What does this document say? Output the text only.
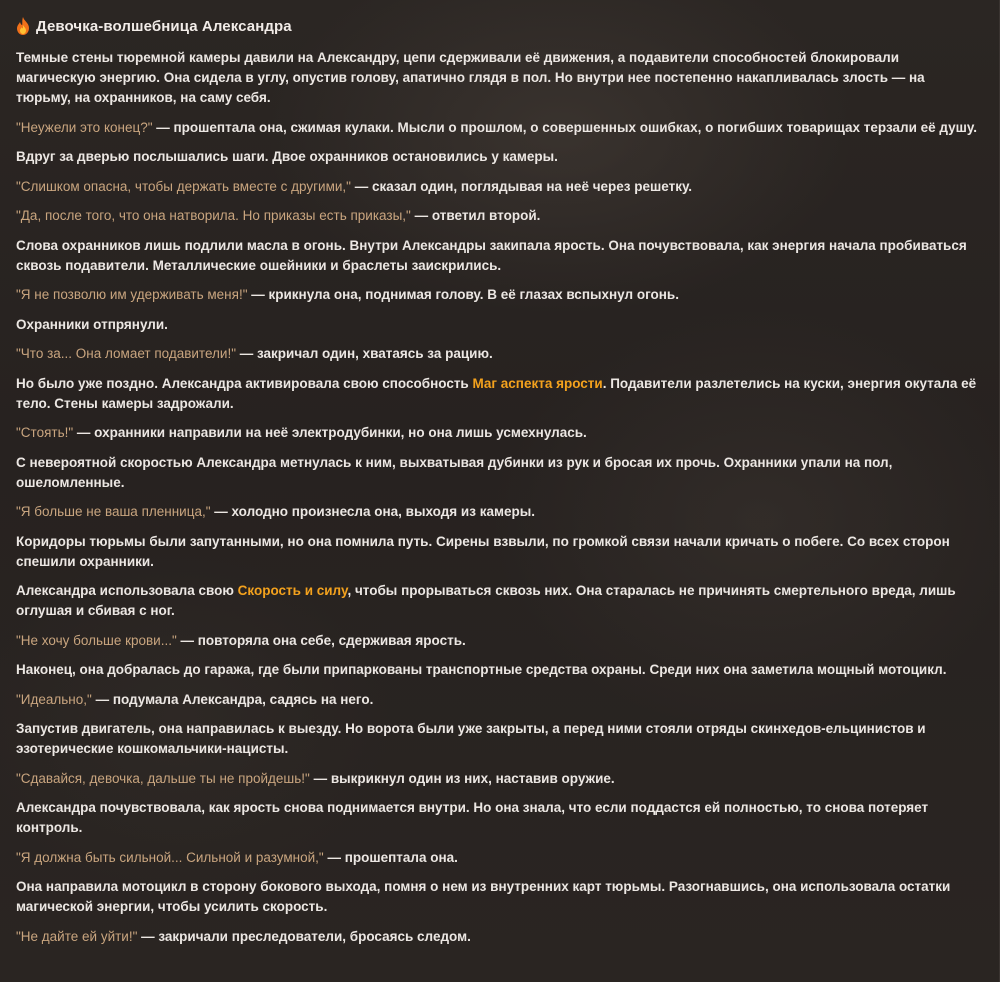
Девочка-волшебница Александра

Темные стены тюремной камеры давили на Александру, цепи сдерживали её движения, а подавители способностей блокировали магическую энергию. Она сидела в углу, опустив голову, апатично глядя в пол. Но внутри нее постепенно накапливалась злость — на тюрьму, на охранников, на саму себя.

"Неужели это конец?" — прошептала она, сжимая кулаки. Мысли о прошлом, о совершенных ошибках, о погибших товарищах терзали её душу.

Вдруг за дверью послышались шаги. Двое охранников остановились у камеры.

"Слишком опасна, чтобы держать вместе с другими," — сказал один, поглядывая на неё через решетку.

"Да, после того, что она натворила. Но приказы есть приказы," — ответил второй.

Слова охранников лишь подлили масла в огонь. Внутри Александры закипала ярость. Она почувствовала, как энергия начала пробиваться сквозь подавители. Металлические ошейники и браслеты заискрились.

"Я не позволю им удерживать меня!" — крикнула она, поднимая голову. В её глазах вспыхнул огонь.

Охранники отпрянули.

"Что за... Она ломает подавители!" — закричал один, хватаясь за рацию.

Но было уже поздно. Александра активировала свою способность Маг аспекта ярости. Подавители разлетелись на куски, энергия окутала её тело. Стены камеры задрожали.

"Стоять!" — охранники направили на неё электродубинки, но она лишь усмехнулась.

С невероятной скоростью Александра метнулась к ним, выхватывая дубинки из рук и бросая их прочь. Охранники упали на пол, ошеломленные.

"Я больше не ваша пленница," — холодно произнесла она, выходя из камеры.

Коридоры тюрьмы были запутанными, но она помнила путь. Сирены взвыли, по громкой связи начали кричать о побеге. Со всех сторон спешили охранники.

Александра использовала свою Скорость и силу, чтобы прорываться сквозь них. Она старалась не причинять смертельного вреда, лишь оглушая и сбивая с ног.

"Не хочу больше крови..." — повторяла она себе, сдерживая ярость.

Наконец, она добралась до гаража, где были припаркованы транспортные средства охраны. Среди них она заметила мощный мотоцикл.

"Идеально," — подумала Александра, садясь на него.

Запустив двигатель, она направилась к выезду. Но ворота были уже закрыты, а перед ними стояли отряды скинхедов-ельцинистов и эзотерические кошкомальчики-нацисты.

"Сдавайся, девочка, дальше ты не пройдешь!" — выкрикнул один из них, наставив оружие.

Александра почувствовала, как ярость снова поднимается внутри. Но она знала, что если поддастся ей полностью, то снова потеряет контроль.

"Я должна быть сильной... Сильной и разумной," — прошептала она.

Она направила мотоцикл в сторону бокового выхода, помня о нем из внутренних карт тюрьмы. Разогнавшись, она использовала остатки магической энергии, чтобы усилить скорость.

"Не дайте ей уйти!" — закричали преследователи, бросаясь следом.
